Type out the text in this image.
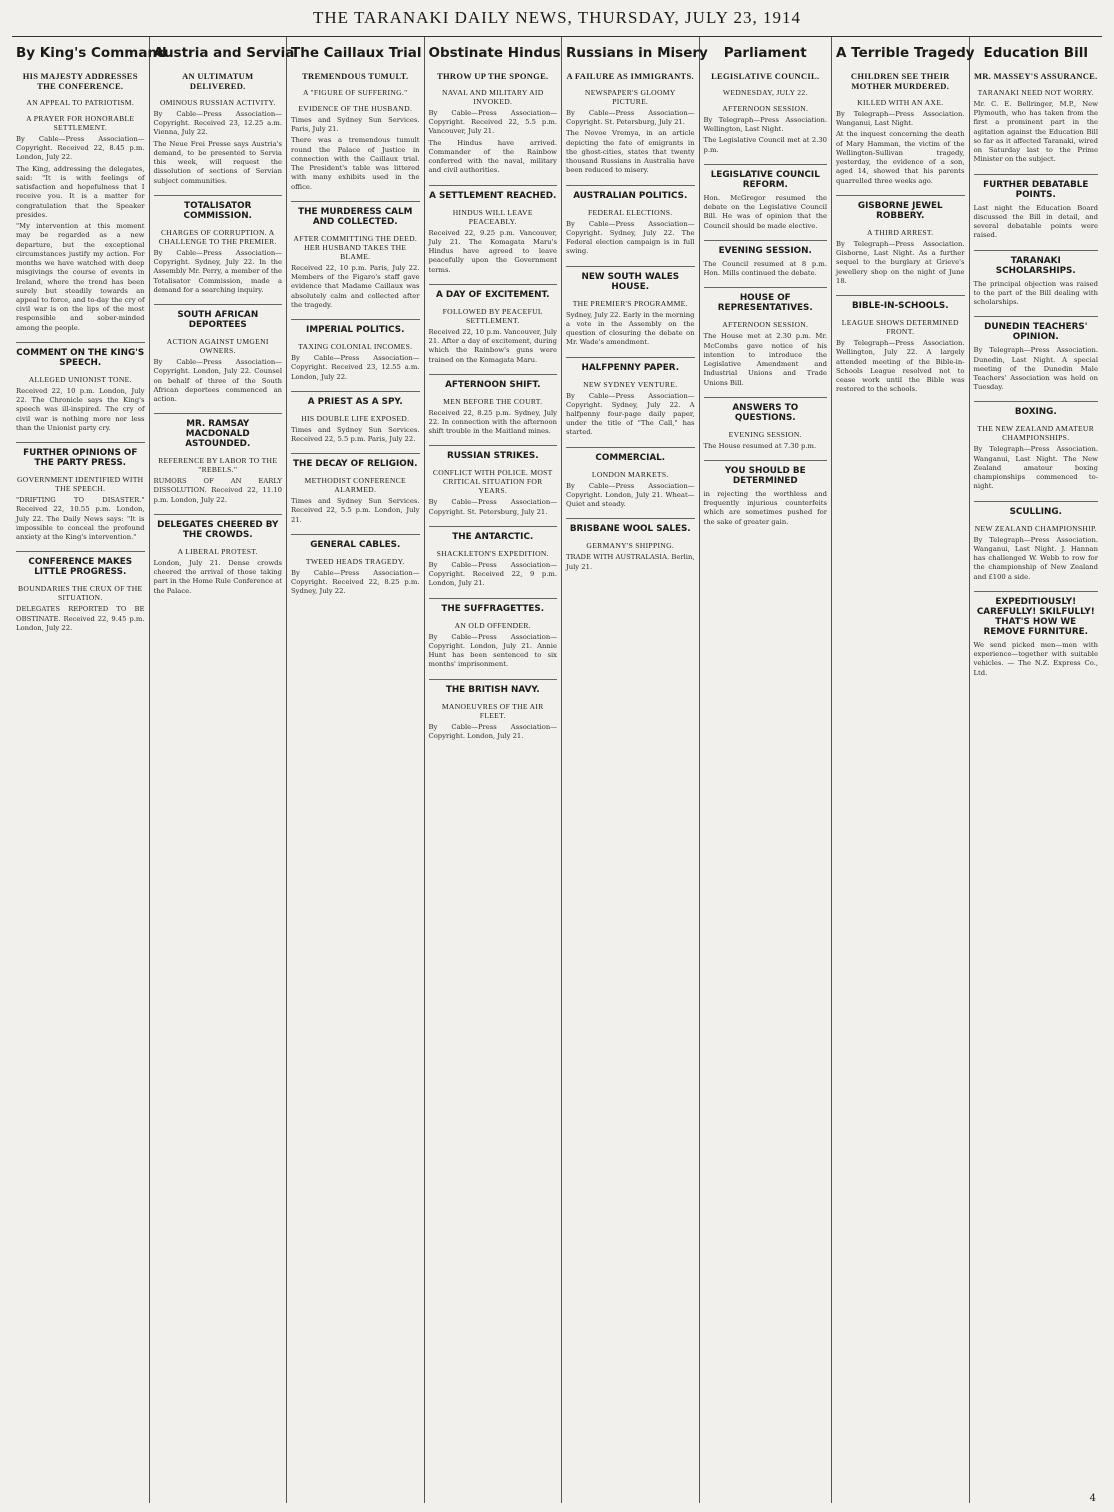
THE TARANAKI DAILY NEWS, THURSDAY, JULY 23, 1914
By King's Command
HIS MAJESTY ADDRESSES THE CONFERENCE.
AN APPEAL TO PATRIOTISM.
A PRAYER FOR HONORABLE SETTLEMENT.

By Cable—Press Association—Copyright. Received 22, 8.45 p.m. London, July 22.

The King, addressing the delegates, said: "It is with feelings of satisfaction and hopefulness that I receive you. It is a matter for congratulation that the Speaker presides.

"My intervention at this moment may be regarded as a new departure, but the exceptional circumstances justify my action. For months we have watched with deep misgivings the course of events in Ireland, where the trend has been surely but steadily towards an appeal to force, and to-day the cry of civil war is on the lips of the most responsible and sober-minded among the people.

COMMENT ON THE KING'S SPEECH.
ALLEGED UNIONIST TONE.

Received 22, 10 p.m. London, July 22. The Chronicle says the King's speech was ill-inspired. The cry of civil war is nothing more nor less than the Unionist party cry.

FURTHER OPINIONS OF THE PARTY PRESS.
GOVERNMENT IDENTIFIED WITH THE SPEECH.

"DRIFTING TO DISASTER." Received 22, 10.55 p.m. London, July 22. The Daily News says: "It is impossible to conceal the profound anxiety at the King's intervention."

CONFERENCE MAKES LITTLE PROGRESS.
BOUNDARIES THE CRUX OF THE SITUATION.

DELEGATES REPORTED TO BE OBSTINATE. Received 22, 9.45 p.m. London, July 22.

Austria and Servia
AN ULTIMATUM DELIVERED.
OMINOUS RUSSIAN ACTIVITY.

By Cable—Press Association—Copyright. Received 23, 12.25 a.m. Vienna, July 22.

The Neue Frei Presse says Austria's demand, to be presented to Servia this week, will request the dissolution of sections of Servian subject communities.

TOTALISATOR COMMISSION.
CHARGES OF CORRUPTION. A CHALLENGE TO THE PREMIER.

By Cable—Press Association—Copyright. Sydney, July 22. In the Assembly Mr. Perry, a member of the Totalisator Commission, made a demand for a searching inquiry.

SOUTH AFRICAN DEPORTEES
ACTION AGAINST UMGENI OWNERS.

By Cable—Press Association—Copyright. London, July 22. Counsel on behalf of three of the South African deportees commenced an action.

MR. RAMSAY MACDONALD ASTOUNDED.
REFERENCE BY LABOR TO THE "REBELS."

RUMORS OF AN EARLY DISSOLUTION. Received 22, 11.10 p.m. London, July 22.

DELEGATES CHEERED BY THE CROWDS.
A LIBERAL PROTEST.

London, July 21. Dense crowds cheered the arrival of those taking part in the Home Rule Conference at the Palace.

The Caillaux Trial
TREMENDOUS TUMULT.
A "FIGURE OF SUFFERING."
EVIDENCE OF THE HUSBAND.

Times and Sydney Sun Services. Paris, July 21.

There was a tremendous tumult round the Palace of Justice in connection with the Caillaux trial. The President's table was littered with many exhibits used in the office.

THE MURDERESS CALM AND COLLECTED.
AFTER COMMITTING THE DEED. HER HUSBAND TAKES THE BLAME.

Received 22, 10 p.m. Paris, July 22. Members of the Figaro's staff gave evidence that Madame Caillaux was absolutely calm and collected after the tragedy.

IMPERIAL POLITICS.
TAXING COLONIAL INCOMES.

By Cable—Press Association—Copyright. Received 23, 12.55 a.m. London, July 22.

A PRIEST AS A SPY.
HIS DOUBLE LIFE EXPOSED.

Times and Sydney Sun Services. Received 22, 5.5 p.m. Paris, July 22.

THE DECAY OF RELIGION.
METHODIST CONFERENCE ALARMED.

Times and Sydney Sun Services. Received 22, 5.5 p.m. London, July 21.

GENERAL CABLES.
TWEED HEADS TRAGEDY.

By Cable—Press Association—Copyright. Received 22, 8.25 p.m. Sydney, July 22.

Obstinate Hindus
THROW UP THE SPONGE.
NAVAL AND MILITARY AID INVOKED.

By Cable—Press Association—Copyright. Received 22, 5.5 p.m. Vancouver, July 21.

The Hindus have arrived. Commander of the Rainbow conferred with the naval, military and civil authorities.

A SETTLEMENT REACHED.
HINDUS WILL LEAVE PEACEABLY.

Received 22, 9.25 p.m. Vancouver, July 21. The Komagata Maru's Hindus have agreed to leave peacefully upon the Government terms.

A DAY OF EXCITEMENT.
FOLLOWED BY PEACEFUL SETTLEMENT.

Received 22, 10 p.m. Vancouver, July 21. After a day of excitement, during which the Rainbow's guns were trained on the Komagata Maru.

AFTERNOON SHIFT.
MEN BEFORE THE COURT.

Received 22, 8.25 p.m. Sydney, July 22. In connection with the afternoon shift trouble in the Maitland mines.

RUSSIAN STRIKES.
CONFLICT WITH POLICE. MOST CRITICAL SITUATION FOR YEARS.

By Cable—Press Association—Copyright. St. Petersburg, July 21.

THE ANTARCTIC.
SHACKLETON'S EXPEDITION.

By Cable—Press Association—Copyright. Received 22, 9 p.m. London, July 21.

THE SUFFRAGETTES.
AN OLD OFFENDER.

By Cable—Press Association—Copyright. London, July 21. Annie Hunt has been sentenced to six months' imprisonment.

THE BRITISH NAVY.
MANOEUVRES OF THE AIR FLEET.

By Cable—Press Association—Copyright. London, July 21.

Russians in Misery
A FAILURE AS IMMIGRANTS.
NEWSPAPER'S GLOOMY PICTURE.

By Cable—Press Association—Copyright. St. Petersburg, July 21.

The Novoe Vremya, in an article depicting the fate of emigrants in the ghost-cities, states that twenty thousand Russians in Australia have been reduced to misery.

AUSTRALIAN POLITICS.
FEDERAL ELECTIONS.

By Cable—Press Association—Copyright. Sydney, July 22. The Federal election campaign is in full swing.

NEW SOUTH WALES HOUSE.
THE PREMIER'S PROGRAMME.

Sydney, July 22. Early in the morning a vote in the Assembly on the question of closuring the debate on Mr. Wade's amendment.

HALFPENNY PAPER.
NEW SYDNEY VENTURE.

By Cable—Press Association—Copyright. Sydney, July 22. A halfpenny four-page daily paper, under the title of "The Call," has started.

COMMERCIAL.
LONDON MARKETS.

By Cable—Press Association—Copyright. London, July 21. Wheat—Quiet and steady.

BRISBANE WOOL SALES.
GERMANY'S SHIPPING.

TRADE WITH AUSTRALASIA. Berlin, July 21.

Parliament
LEGISLATIVE COUNCIL.
WEDNESDAY, JULY 22.
AFTERNOON SESSION.

By Telegraph—Press Association. Wellington, Last Night.

The Legislative Council met at 2.30 p.m.

LEGISLATIVE COUNCIL REFORM.

Hon. McGregor resumed the debate on the Legislative Council Bill. He was of opinion that the Council should be made elective.

EVENING SESSION.

The Council resumed at 8 p.m. Hon. Mills continued the debate.

HOUSE OF REPRESENTATIVES.
AFTERNOON SESSION.

The House met at 2.30 p.m. Mr. McCombs gave notice of his intention to introduce the Legislative Amendment and Industrial Unions and Trade Unions Bill.

ANSWERS TO QUESTIONS.
EVENING SESSION.

The House resumed at 7.30 p.m.

YOU SHOULD BE DETERMINED

in rejecting the worthless and frequently injurious counterfeits which are sometimes pushed for the sake of greater gain.

A Terrible Tragedy
CHILDREN SEE THEIR MOTHER MURDERED.
KILLED WITH AN AXE.

By Telegraph—Press Association. Wanganui, Last Night.

At the inquest concerning the death of Mary Hamman, the victim of the Wellington-Sullivan tragedy, yesterday, the evidence of a son, aged 14, showed that his parents quarrelled three weeks ago.

GISBORNE JEWEL ROBBERY.
A THIRD ARREST.

By Telegraph—Press Association. Gisborne, Last Night. As a further sequel to the burglary at Grieve's jewellery shop on the night of June 18.

BIBLE-IN-SCHOOLS.
LEAGUE SHOWS DETERMINED FRONT.

By Telegraph—Press Association. Wellington, July 22. A largely attended meeting of the Bible-in-Schools League resolved not to cease work until the Bible was restored to the schools.

Education Bill
MR. MASSEY'S ASSURANCE.
TARANAKI NEED NOT WORRY.

Mr. C. E. Bellringer, M.P., New Plymouth, who has taken from the first a prominent part in the agitation against the Education Bill so far as it affected Taranaki, wired on Saturday last to the Prime Minister on the subject.

FURTHER DEBATABLE POINTS.

Last night the Education Board discussed the Bill in detail, and several debatable points were raised.

TARANAKI SCHOLARSHIPS.

The principal objection was raised to the part of the Bill dealing with scholarships.

DUNEDIN TEACHERS' OPINION.

By Telegraph—Press Association. Dunedin, Last Night. A special meeting of the Dunedin Male Teachers' Association was held on Tuesday.

BOXING.
THE NEW ZEALAND AMATEUR CHAMPIONSHIPS.

By Telegraph—Press Association. Wanganui, Last Night. The New Zealand amateur boxing championships commenced to-night.

SCULLING.
NEW ZEALAND CHAMPIONSHIP.

By Telegraph—Press Association. Wanganui, Last Night. J. Hannan has challenged W. Webb to row for the championship of New Zealand and £100 a side.

EXPEDITIOUSLY! CAREFULLY! SKILFULLY! THAT'S HOW WE REMOVE FURNITURE.

We send picked men—men with experience—together with suitable vehicles. — The N.Z. Express Co., Ltd.

4
